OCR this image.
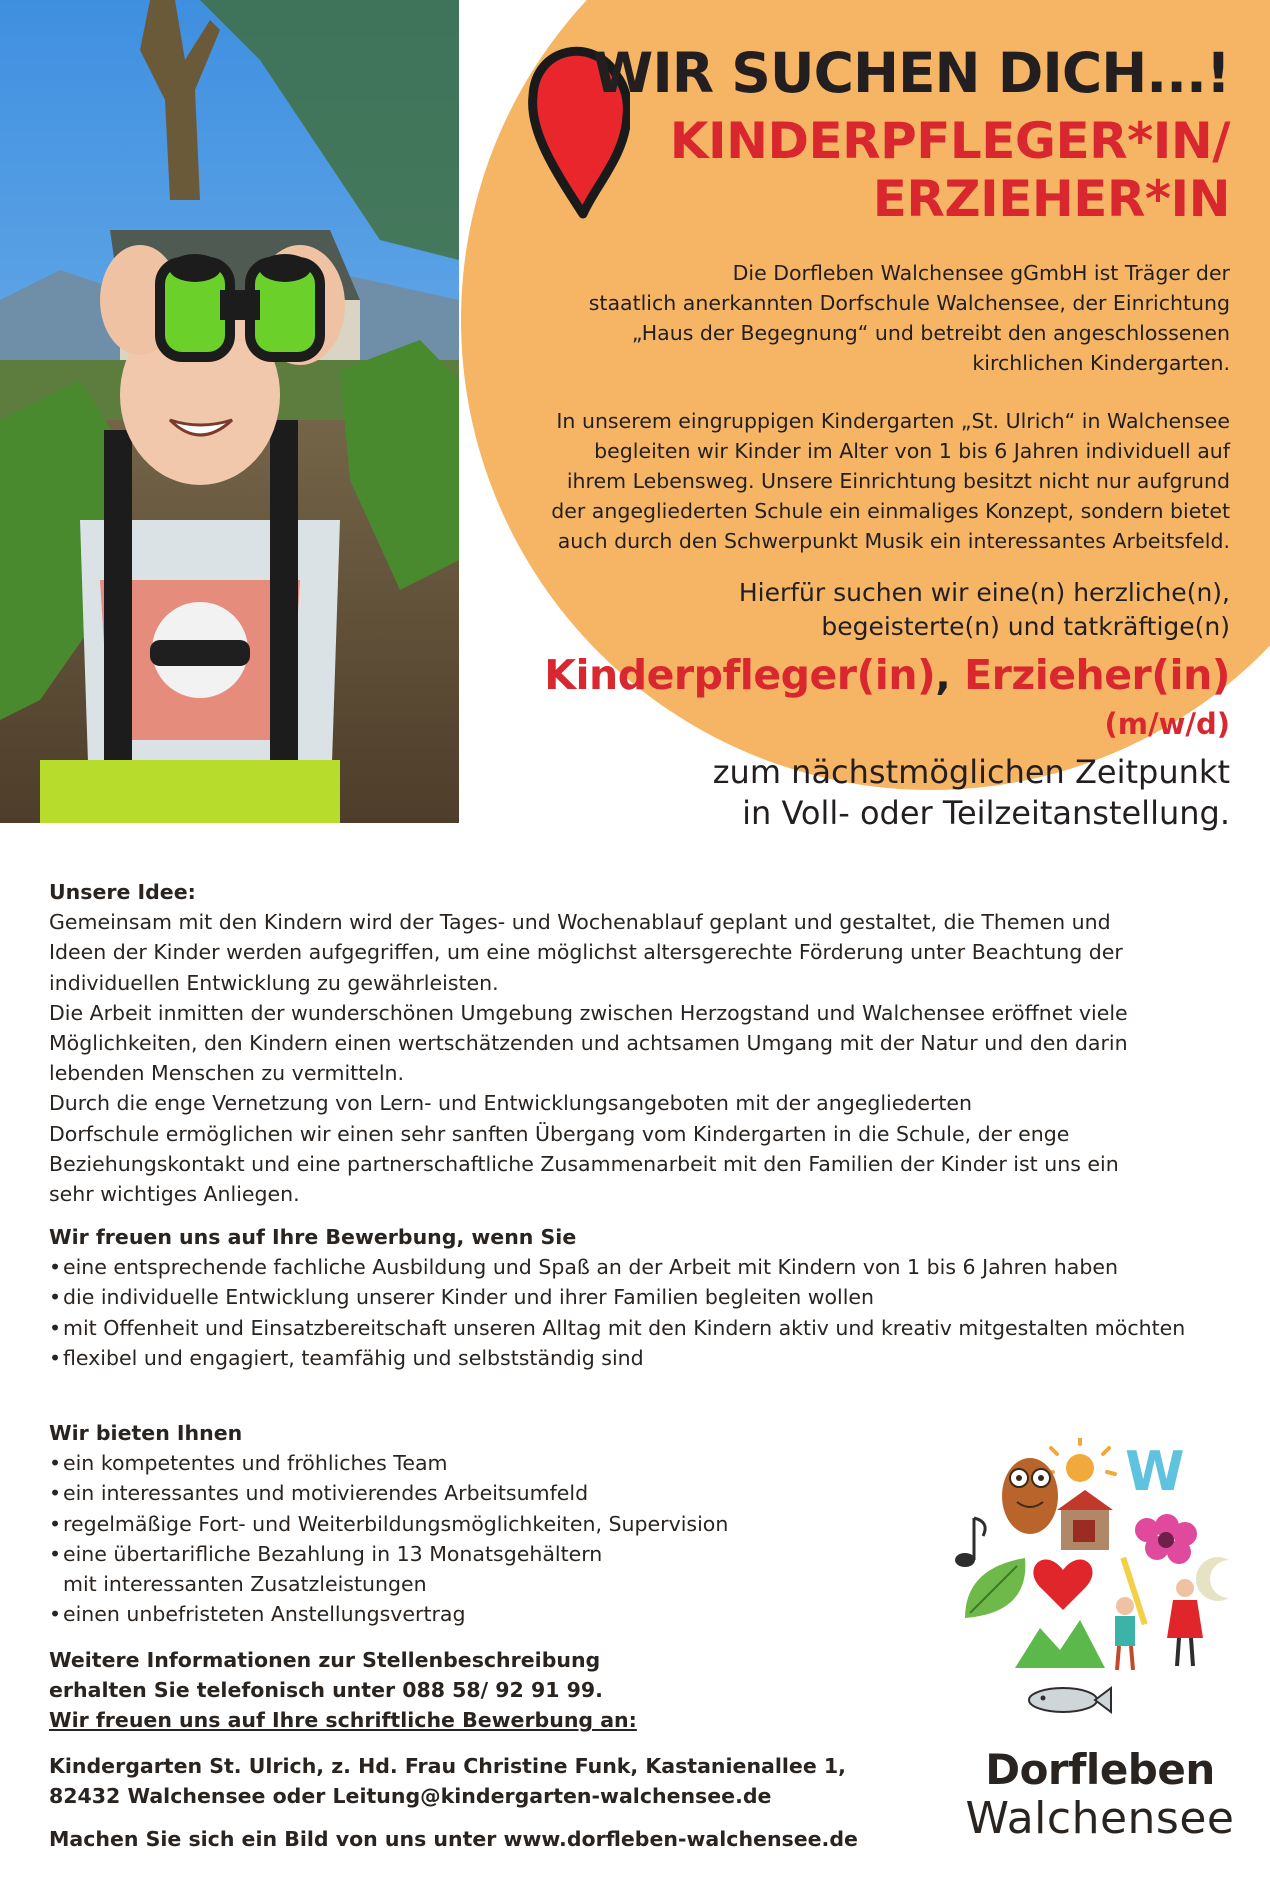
WIR SUCHEN DICH...!
KINDERPFLEGER*IN/
ERZIEHER*IN
Die Dorfleben Walchensee gGmbH ist Träger der
staatlich anerkannten Dorfschule Walchensee, der Einrichtung
„Haus der Begegnung“ und betreibt den angeschlossenen
kirchlichen Kindergarten.
In unserem eingruppigen Kindergarten „St. Ulrich“ in Walchensee
begleiten wir Kinder im Alter von 1 bis 6 Jahren individuell auf
ihrem Lebensweg. Unsere Einrichtung besitzt nicht nur aufgrund
der angegliederten Schule ein einmaliges Konzept, sondern bietet
auch durch den Schwerpunkt Musik ein interessantes Arbeitsfeld.
Hierfür suchen wir eine(n) herzliche(n),
begeisterte(n) und tatkräftige(n)
Kinderpfleger(in), Erzieher(in)
(m/w/d)
zum nächstmöglichen Zeitpunkt
in Voll- oder Teilzeitanstellung.

Unsere Idee:

Gemeinsam mit den Kindern wird der Tages- und Wochenablauf geplant und gestaltet, die Themen und

Ideen der Kinder werden aufgegriffen, um eine möglichst altersgerechte Förderung unter Beachtung der

individuellen Entwicklung zu gewährleisten.

Die Arbeit inmitten der wunderschönen Umgebung zwischen Herzogstand und Walchensee eröffnet viele

Möglichkeiten, den Kindern einen wertschätzenden und achtsamen Umgang mit der Natur und den darin

lebenden Menschen zu vermitteln.

Durch die enge Vernetzung von Lern- und Entwicklungsangeboten mit der angegliederten

Dorfschule ermöglichen wir einen sehr sanften Übergang vom Kindergarten in die Schule, der enge

Beziehungskontakt und eine partnerschaftliche Zusammenarbeit mit den Familien der Kinder ist uns ein

sehr wichtiges Anliegen.

Wir freuen uns auf Ihre Bewerbung, wenn Sie

• eine entsprechende fachliche Ausbildung und Spaß an der Arbeit mit Kindern von 1 bis 6 Jahren haben
• die individuelle Entwicklung unserer Kinder und ihrer Familien begleiten wollen
• mit Offenheit und Einsatzbereitschaft unseren Alltag mit den Kindern aktiv und kreativ mitgestalten möchten
• flexibel und engagiert, teamfähig und selbstständig sind

Wir bieten Ihnen

• ein kompetentes und fröhliches Team
• ein interessantes und motivierendes Arbeitsumfeld
• regelmäßige Fort- und Weiterbildungsmöglichkeiten, Supervision
• eine übertarifliche Bezahlung in 13 Monatsgehältern
mit interessanten Zusatzleistungen
• einen unbefristeten Anstellungsvertrag

Weitere Informationen zur Stellenbeschreibung

erhalten Sie telefonisch unter 088 58/ 92 91 99.

Wir freuen uns auf Ihre schriftliche Bewerbung an:

Kindergarten St. Ulrich, z. Hd. Frau Christine Funk, Kastanienallee 1,

82432 Walchensee oder Leitung@kindergarten-walchensee.de

Machen Sie sich ein Bild von uns unter www.dorfleben-walchensee.de

W
Dorfleben
Walchensee
